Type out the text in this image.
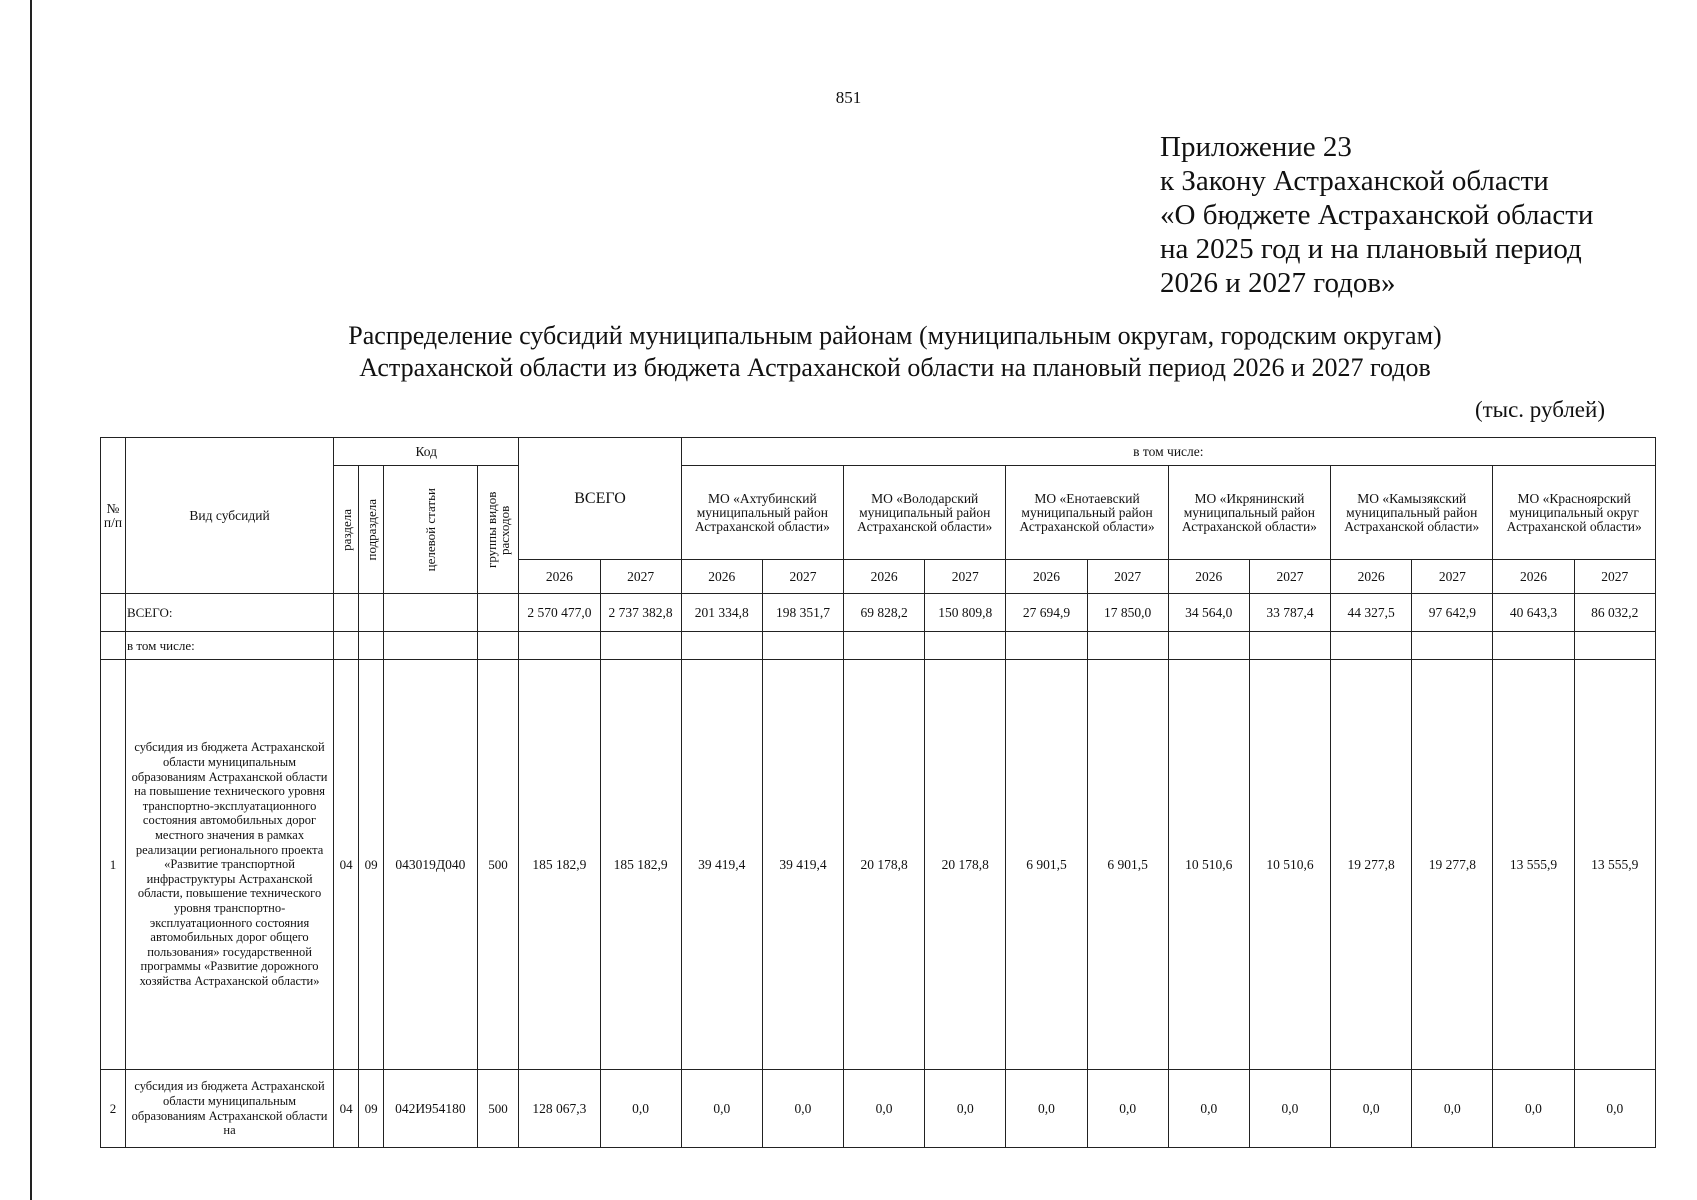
851
Приложение 23
к Закону Астраханской области
«О бюджете Астраханской области
на 2025 год и на плановый период
2026 и 2027 годов»
Распределение субсидий муниципальным районам (муниципальным округам, городским округам)
Астраханской области из бюджета Астраханской области на плановый период 2026 и 2027 годов
(тыс. рублей)
№ п/п	Вид субсидий	Код				ВСЕГО		в том числе:											

		раздела	подраздела	целевой статьи	группы видов расходов			МО «Ахтубинский муниципальный район Астраханской области»		МО «Володарский муниципальный район Астраханской области»		МО «Енотаевский муниципальный район Астраханской области»		МО «Икрянинский муниципальный район Астраханской области»		МО «Камызякский муниципальный район Астраханской области»		МО «Красноярский муниципальный округ Астраханской области»	
						2026	2027	2026	2027	2026	2027	2026	2027	2026	2027	2026	2027	2026	2027
	ВСЕГО:					2 570 477,0	2 737 382,8	201 334,8	198 351,7	69 828,2	150 809,8	27 694,9	17 850,0	34 564,0	33 787,4	44 327,5	97 642,9	40 643,3	86 032,2
	в том числе:																		
1	субсидия из бюджета Астраханской области муниципальным образованиям Астраханской области на повышение технического уровня транспортно-эксплуатационного состояния автомобильных дорог местного значения в рамках реализации регионального проекта «Развитие транспортной инфраструктуры Астраханской области, повышение технического уровня транспортно-эксплуатационного состояния автомобильных дорог общего пользования» государственной программы «Развитие дорожного хозяйства Астраханской области»	04	09	043019Д040	500	185 182,9	185 182,9	39 419,4	39 419,4	20 178,8	20 178,8	6 901,5	6 901,5	10 510,6	10 510,6	19 277,8	19 277,8	13 555,9	13 555,9
2	субсидия из бюджета Астраханской области муниципальным образованиям Астраханской области на	04	09	042И954180	500	128 067,3	0,0	0,0	0,0	0,0	0,0	0,0	0,0	0,0	0,0	0,0	0,0	0,0	0,0
